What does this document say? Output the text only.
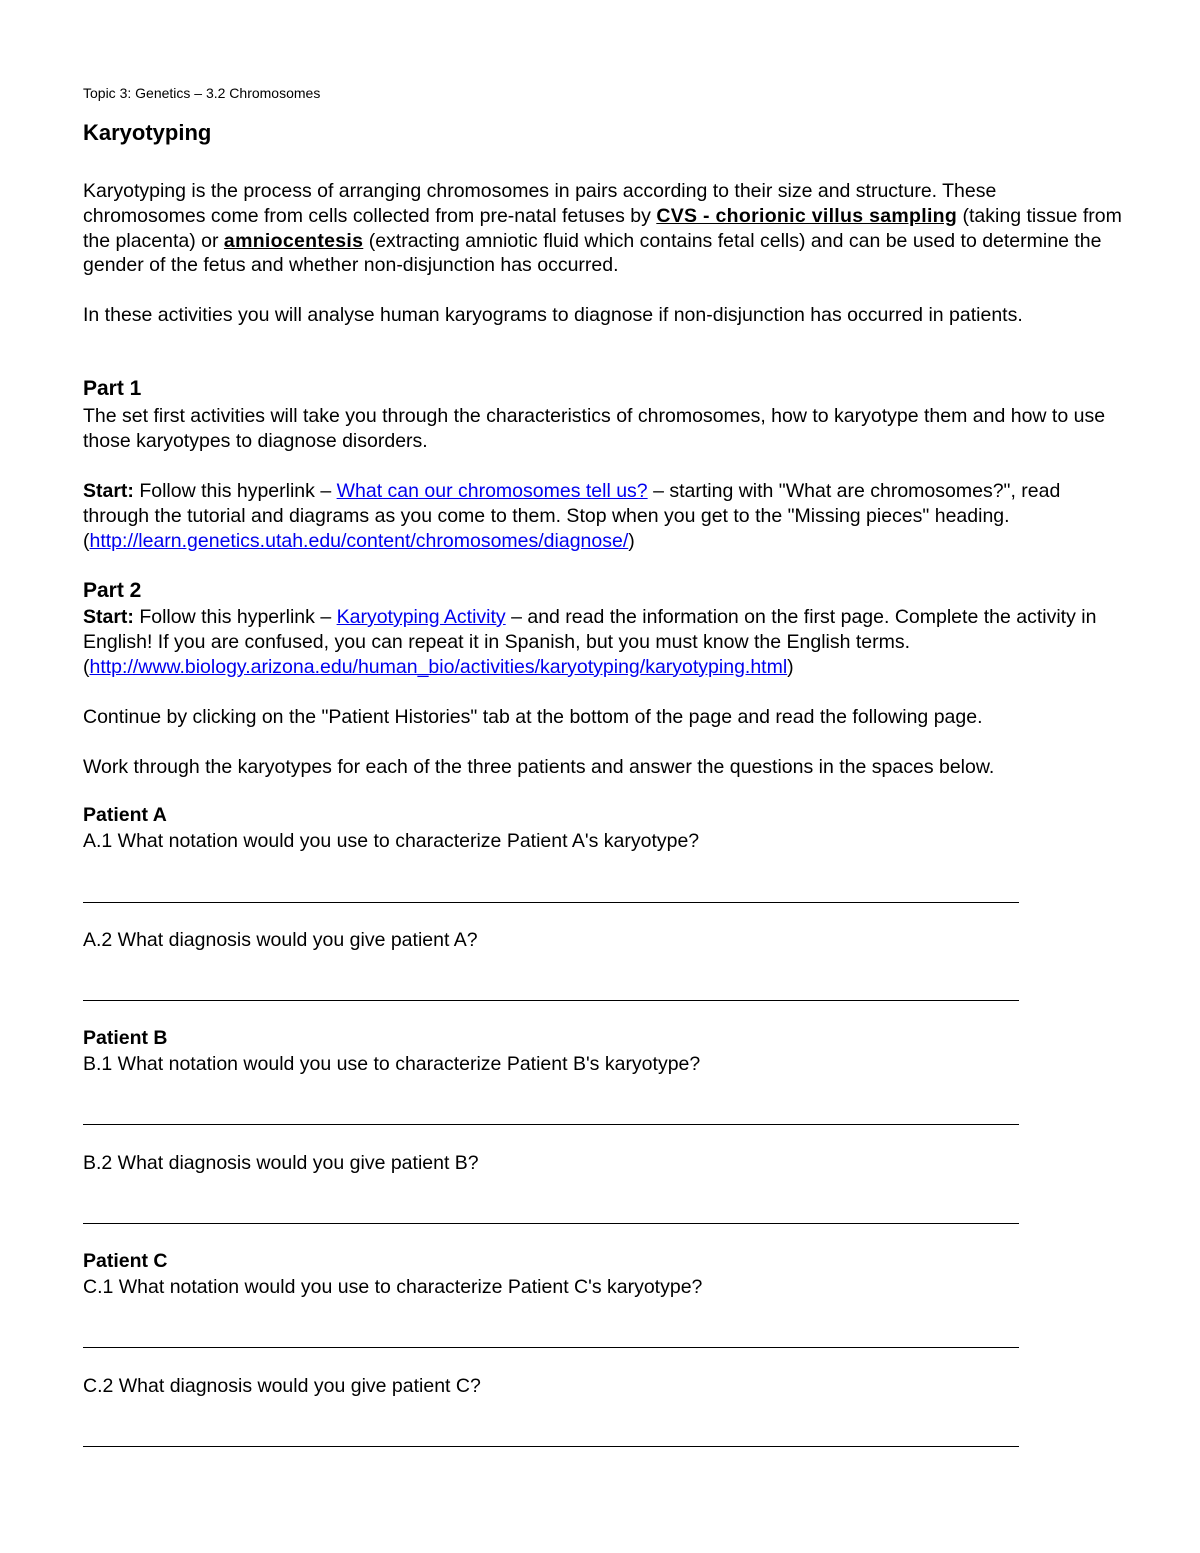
Topic 3: Genetics – 3.2 Chromosomes
Karyotyping
Karyotyping is the process of arranging chromosomes in pairs according to their size and structure. These chromosomes come from cells collected from pre-natal fetuses by CVS - chorionic villus sampling (taking tissue from the placenta) or amniocentesis (extracting amniotic fluid which contains fetal cells) and can be used to determine the gender of the fetus and whether non-disjunction has occurred.
In these activities you will analyse human karyograms to diagnose if non-disjunction has occurred in patients.
Part 1
The set first activities will take you through the characteristics of chromosomes, how to karyotype them and how to use those karyotypes to diagnose disorders.
Start: Follow this hyperlink – What can our chromosomes tell us? – starting with "What are chromosomes?", read through the tutorial and diagrams as you come to them. Stop when you get to the "Missing pieces" heading. (http://learn.genetics.utah.edu/content/chromosomes/diagnose/)
Part 2
Start: Follow this hyperlink – Karyotyping Activity – and read the information on the first page. Complete the activity in English! If you are confused, you can repeat it in Spanish, but you must know the English terms. (http://www.biology.arizona.edu/human_bio/activities/karyotyping/karyotyping.html)
Continue by clicking on the "Patient Histories" tab at the bottom of the page and read the following page.
Work through the karyotypes for each of the three patients and answer the questions in the spaces below.
Patient A
A.1 What notation would you use to characterize Patient A's karyotype?
A.2 What diagnosis would you give patient A?
Patient B
B.1 What notation would you use to characterize Patient B's karyotype?
B.2 What diagnosis would you give patient B?
Patient C
C.1 What notation would you use to characterize Patient C's karyotype?
C.2 What diagnosis would you give patient C?
